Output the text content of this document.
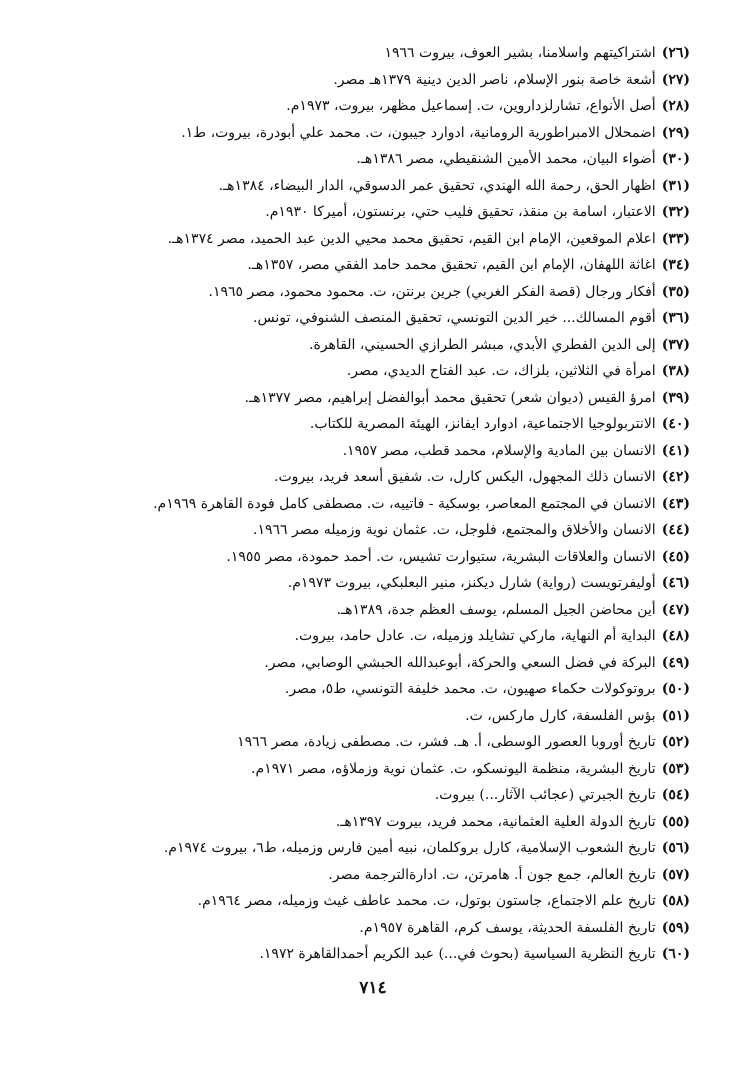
(٢٦)اشتراكيتهم واسلامنا، بشير العوف، بيروت ١٩٦٦
(٢٧)أشعة خاصة بنور الإسلام، ناصر الدين دينية ١٣٧٩هـ مصر.
(٢٨)أصل الأنواع، تشارلزداروين، ت. إسماعيل مظهر، بيروت، ١٩٧٣م.
(٢٩)اضمحلال الامبراطورية الرومانية، ادوارد جيبون، ت. محمد علي أبودرة، بيروت، ط١.
(٣٠)أضواء البيان، محمد الأمين الشنقيطي، مصر ١٣٨٦هـ.
(٣١)اظهار الحق، رحمة الله الهندي، تحقيق عمر الدسوقي، الدار البيضاء، ١٣٨٤هـ.
(٣٢)الاعتبار، اسامة بن منقذ، تحقيق فليب حتي، برنستون، أميركا ١٩٣٠م.
(٣٣)اعلام الموقعين، الإمام ابن القيم، تحقيق محمد محيي الدين عبد الحميد، مصر ١٣٧٤هـ.
(٣٤)اغاثة اللهفان، الإمام ابن القيم، تحقيق محمد حامد الفقي مصر، ١٣٥٧هـ.
(٣٥)أفكار ورجال (قصة الفكر الغربي) جرين برنتن، ت. محمود محمود، مصر ١٩٦٥.
(٣٦)أقوم المسالك... خير الدين التونسي، تحقيق المنصف الشنوفي، تونس.
(٣٧)إلى الدين الفطري الأبدي، مبشر الطرازي الحسيني، القاهرة.
(٣٨)امرأة في الثلاثين، بلزاك، ت. عبد الفتاح الديدي، مصر.
(٣٩)امرؤ القيس (ديوان شعر) تحقيق محمد أبوالفضل إبراهيم، مصر ١٣٧٧هـ.
(٤٠)الانتربولوجيا الاجتماعية، ادوارد ايفانز، الهيئة المصرية للكتاب.
(٤١)الانسان بين المادية والإسلام، محمد قطب، مصر ١٩٥٧.
(٤٢)الانسان ذلك المجهول، اليكس كارل، ت. شفيق أسعد فريد، بيروت.
(٤٣)الانسان في المجتمع المعاصر، بوسكية - فاتييه، ت. مصطفى كامل فودة القاهرة ١٩٦٩م.
(٤٤)الانسان والأخلاق والمجتمع، فلوجل، ت. عثمان نوية وزميله مصر ١٩٦٦.
(٤٥)الانسان والعلاقات البشرية، ستيوارت تشيس، ت. أحمد حمودة، مصر ١٩٥٥.
(٤٦)أوليفرتويست (رواية) شارل ديكنز، منير البعلبكي، بيروت ١٩٧٣م.
(٤٧)أين محاضن الجيل المسلم، يوسف العظم جدة، ١٣٨٩هـ.
(٤٨)البداية أم النهاية، ماركي تشايلد وزميله، ت. عادل حامد، بيروت.
(٤٩)البركة في فضل السعي والحركة، أبوعبدالله الحبشي الوصابي، مصر.
(٥٠)بروتوكولات حكماء صهيون، ت. محمد خليفة التونسي، ط٥، مصر.
(٥١)بؤس الفلسفة، كارل ماركس، ت.
(٥٢)تاريخ أوروبا العصور الوسطى، أ. هـ. فشر، ت. مصطفى زيادة، مصر ١٩٦٦
(٥٣)تاريخ البشرية، منظمة اليونسكو، ت. عثمان نوية وزملاؤه، مصر ١٩٧١م.
(٥٤)تاريخ الجبرتي (عجائب الآثار...) بيروت.
(٥٥)تاريخ الدولة العلية العثمانية، محمد فريد، بيروت ١٣٩٧هـ.
(٥٦)تاريخ الشعوب الإسلامية، كارل بروكلمان، نبيه أمين فارس وزميله، ط٦، بيروت ١٩٧٤م.
(٥٧)تاريخ العالم، جمع جون أ. هامرتن، ت. ادارةالترجمة مصر.
(٥٨)تاريخ علم الاجتماع، جاستون بوتول، ت. محمد عاطف غيث وزميله، مصر ١٩٦٤م.
(٥٩)تاريخ الفلسفة الحديثة، يوسف كرم، القاهرة ١٩٥٧م.
(٦٠)تاريخ النظرية السياسية (بحوث في...) عبد الكريم أحمدالقاهرة ١٩٧٢.
٧١٤
